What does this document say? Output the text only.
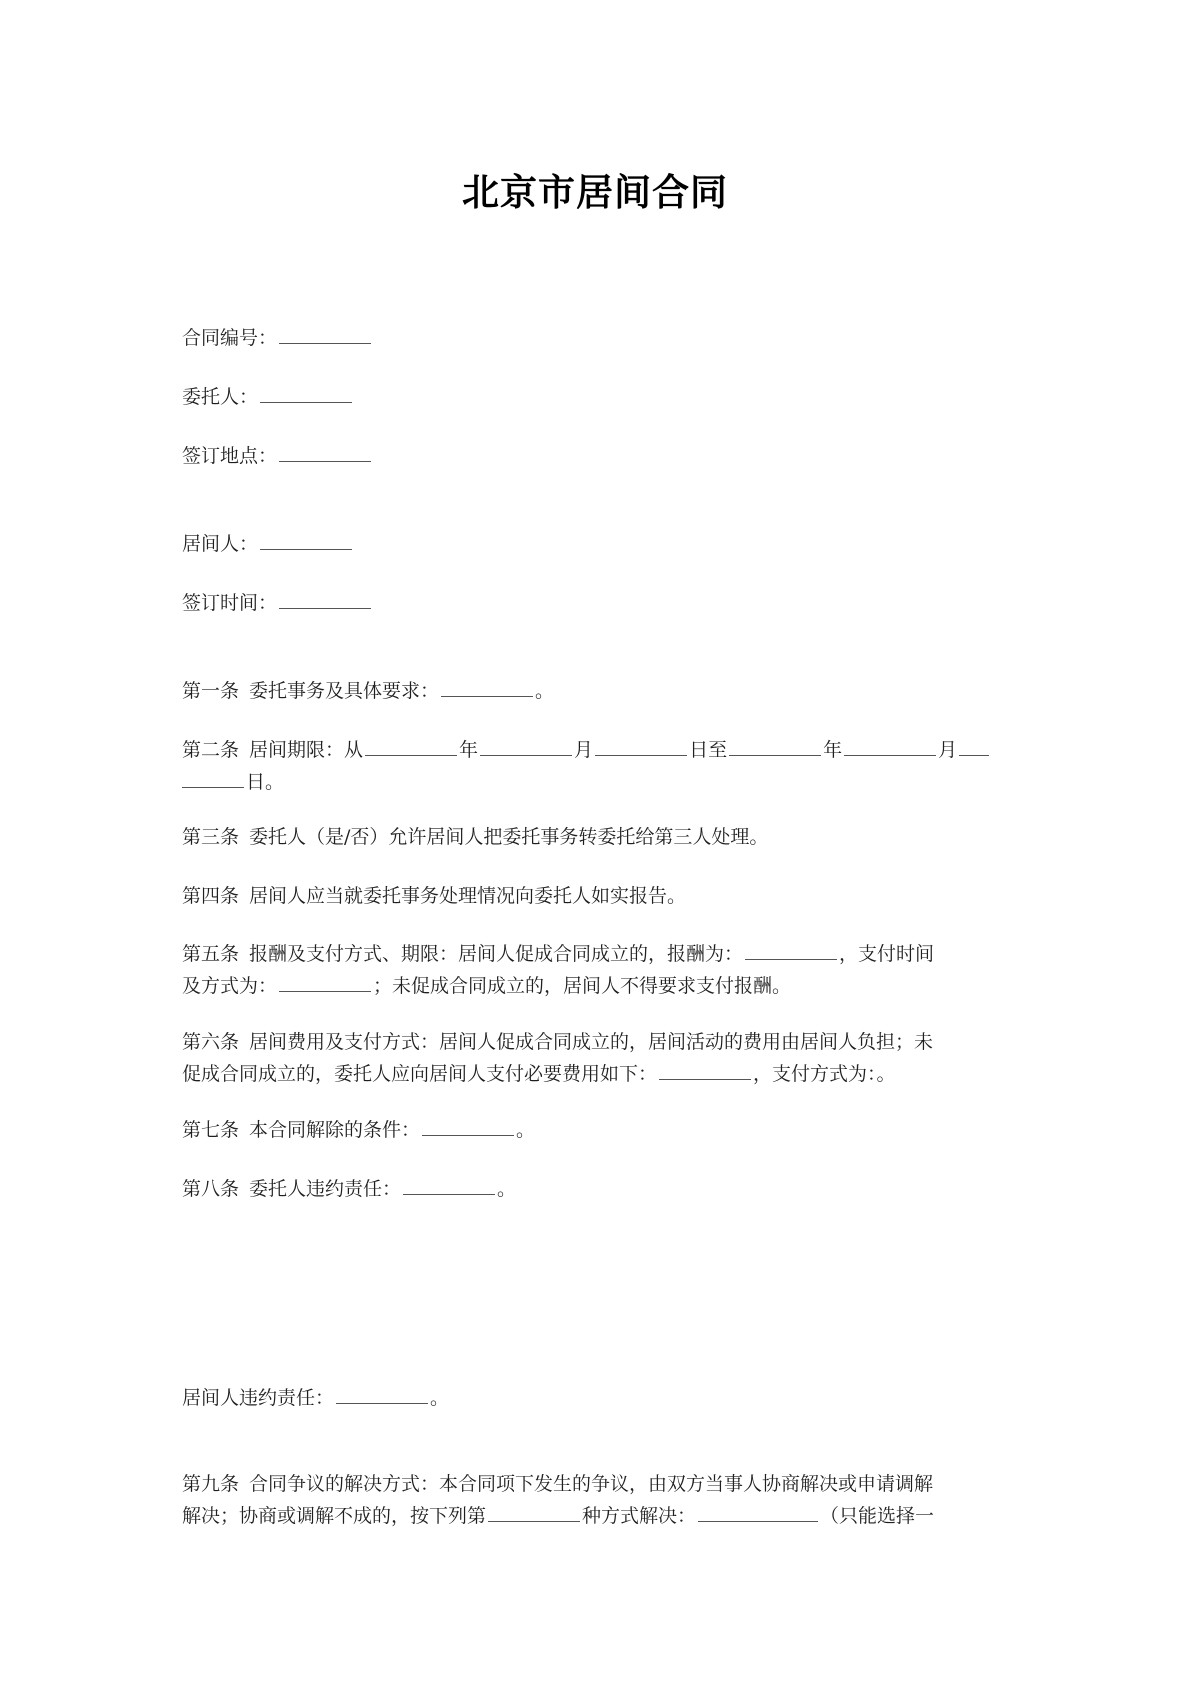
北京市居间合同
合同编号：
委托人：
签订地点：
居间人：
签订时间：
第一条 委托事务及具体要求：	。
第二条 居间期限：从	年	月	日至	年	月
日。
第三条 委托人（是/否）允许居间人把委托事务转委托给第三人处理。
第四条 居间人应当就委托事务处理情况向委托人如实报告。
第五条 报酬及支付方式、期限：居间人促成合同成立的，报酬为：	，支付时间
及方式为：	；未促成合同成立的，居间人不得要求支付报酬。
第六条 居间费用及支付方式：居间人促成合同成立的，居间活动的费用由居间人负担；未
促成合同成立的，委托人应向居间人支付必要费用如下：	，支付方式为：。
第七条 本合同解除的条件：	。
第八条 委托人违约责任：	。
居间人违约责任：	。
第九条 合同争议的解决方式：本合同项下发生的争议，由双方当事人协商解决或申请调解
解决；协商或调解不成的，按下列第	种方式解决：	（只能选择一
